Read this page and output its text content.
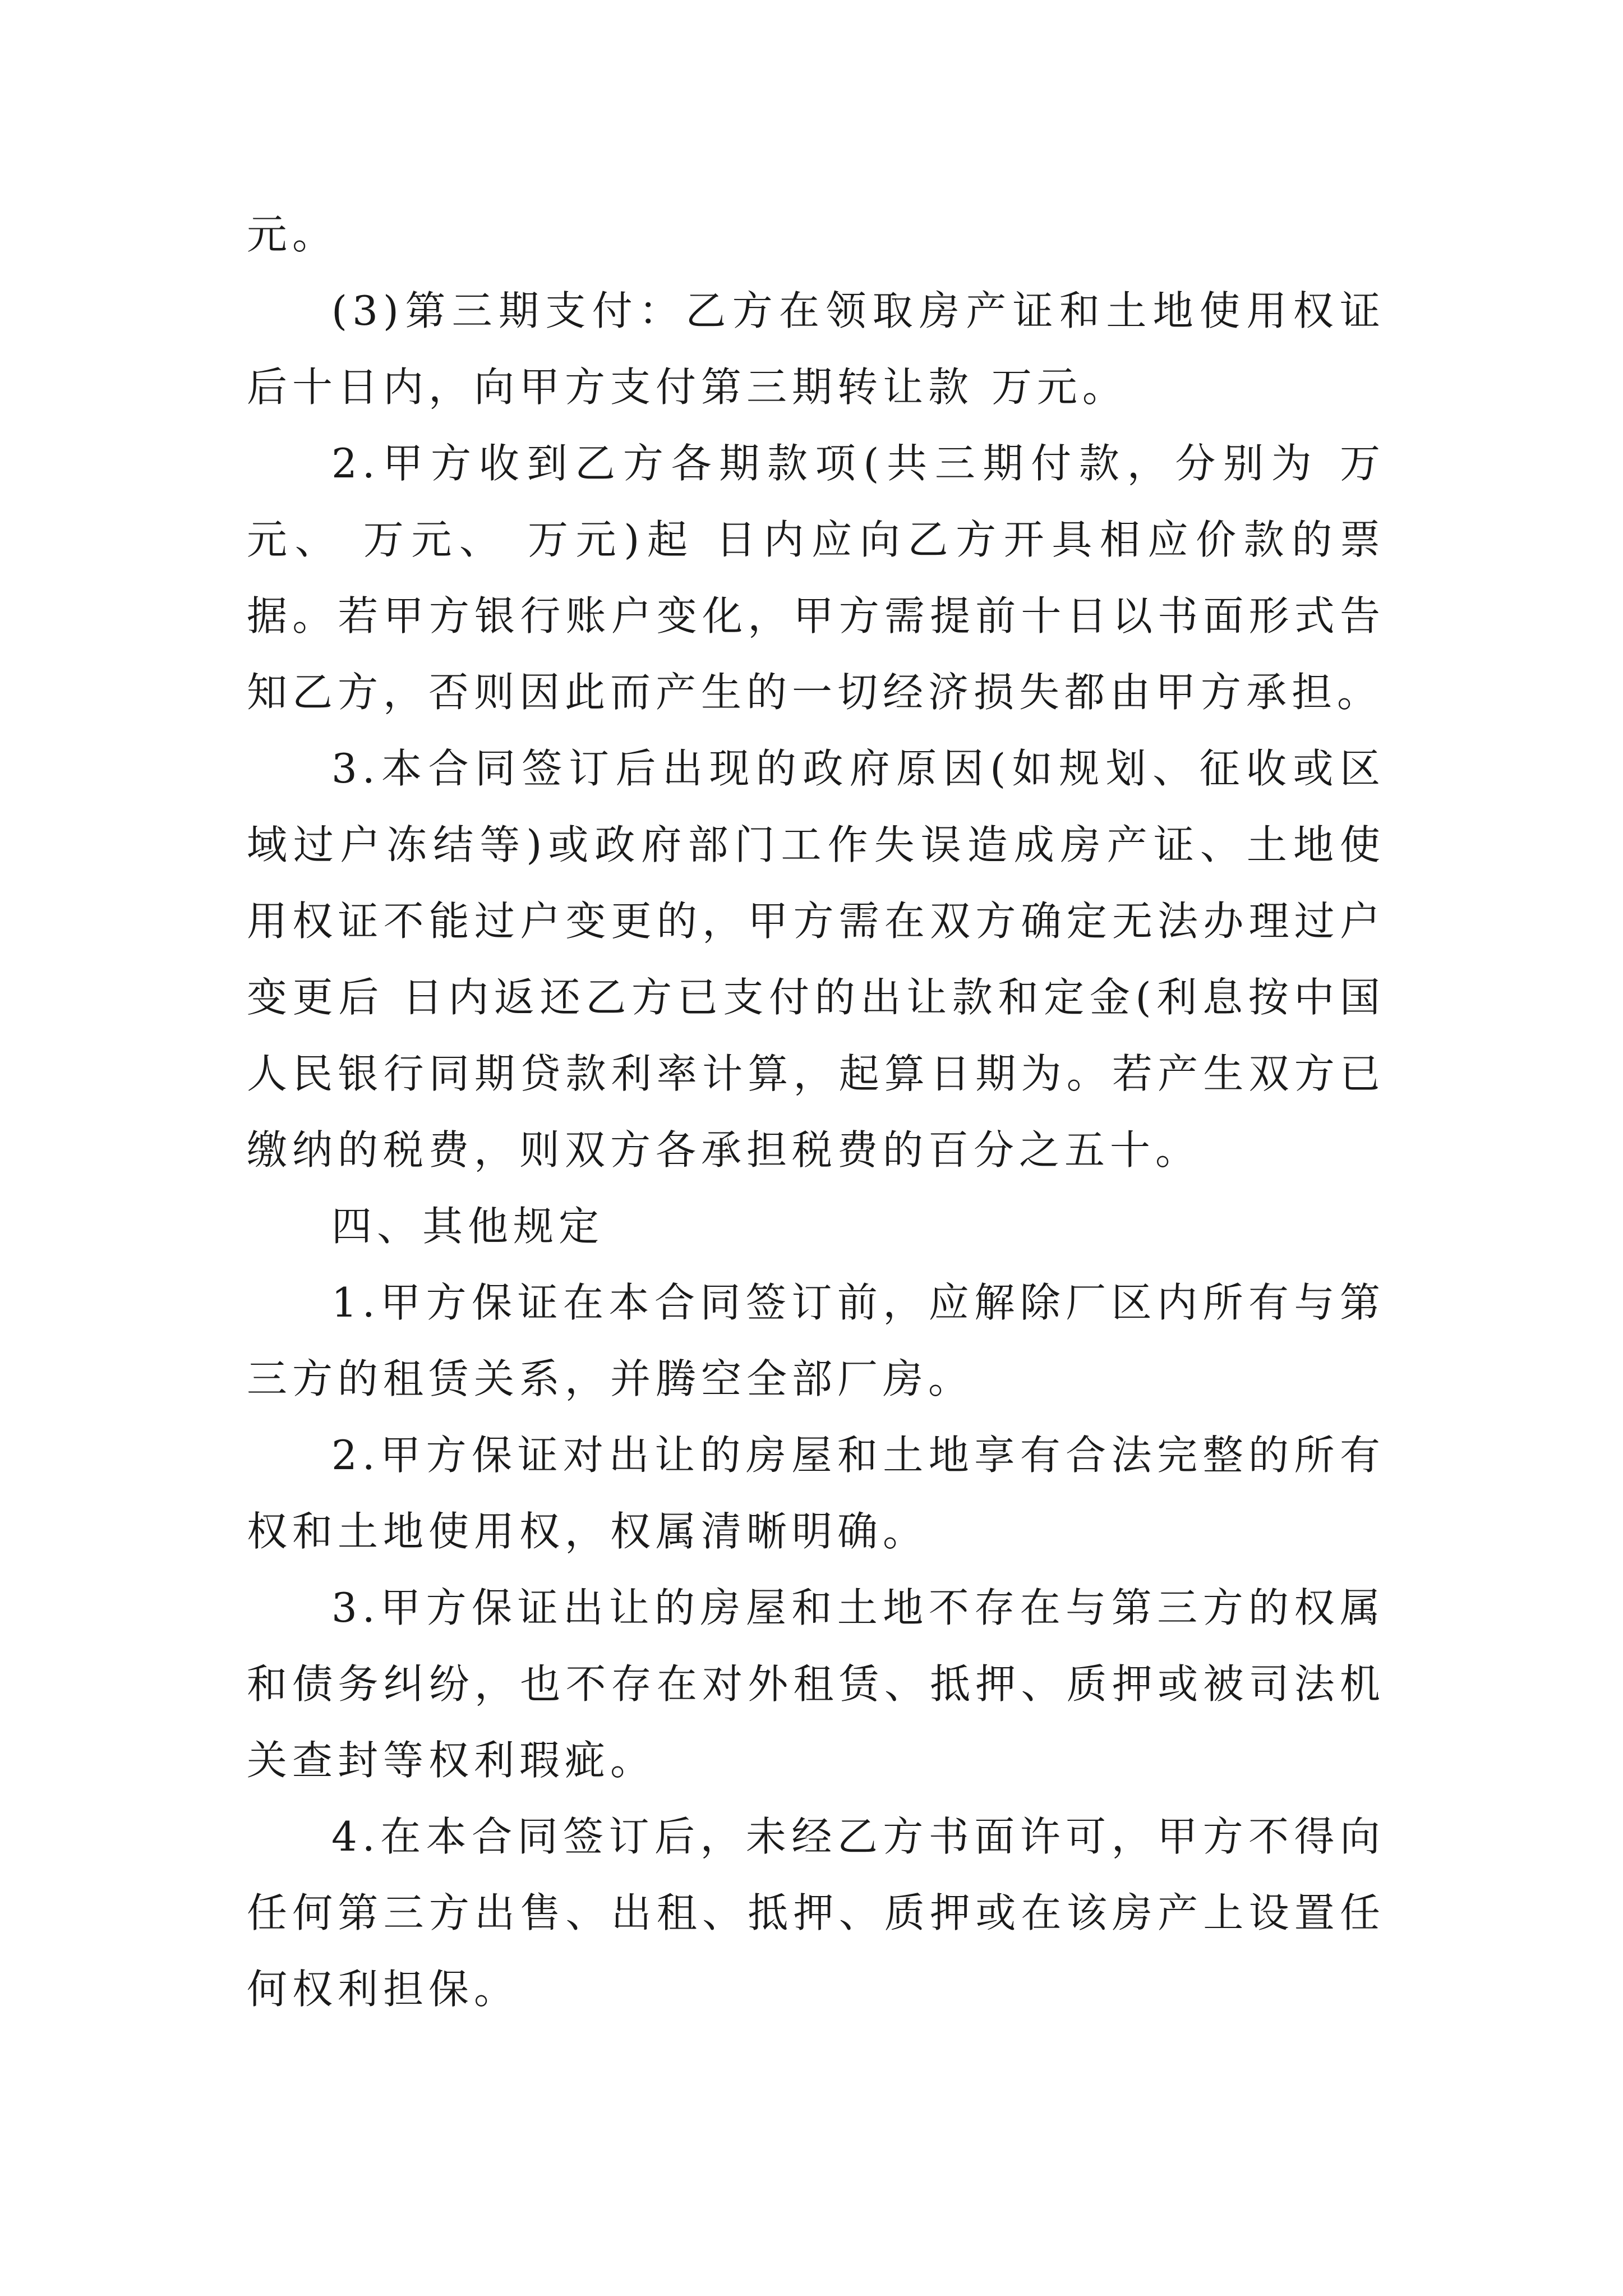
元。

(3)第三期支付：乙方在领取房产证和土地使用权证后十日内，向甲方支付第三期转让款 万元。

2.甲方收到乙方各期款项(共三期付款，分别为 万元、 万元、 万元)起 日内应向乙方开具相应价款的票据。若甲方银行账户变化，甲方需提前十日以书面形式告知乙方，否则因此而产生的一切经济损失都由甲方承担。

3.本合同签订后出现的政府原因(如规划、征收或区域过户冻结等)或政府部门工作失误造成房产证、土地使用权证不能过户变更的，甲方需在双方确定无法办理过户变更后 日内返还乙方已支付的出让款和定金(利息按中国人民银行同期贷款利率计算，起算日期为。若产生双方已缴纳的税费，则双方各承担税费的百分之五十。

四、其他规定

1.甲方保证在本合同签订前，应解除厂区内所有与第三方的租赁关系，并腾空全部厂房。

2.甲方保证对出让的房屋和土地享有合法完整的所有权和土地使用权，权属清晰明确。

3.甲方保证出让的房屋和土地不存在与第三方的权属和债务纠纷，也不存在对外租赁、抵押、质押或被司法机关查封等权利瑕疵。

4.在本合同签订后，未经乙方书面许可，甲方不得向任何第三方出售、出租、抵押、质押或在该房产上设置任何权利担保。
